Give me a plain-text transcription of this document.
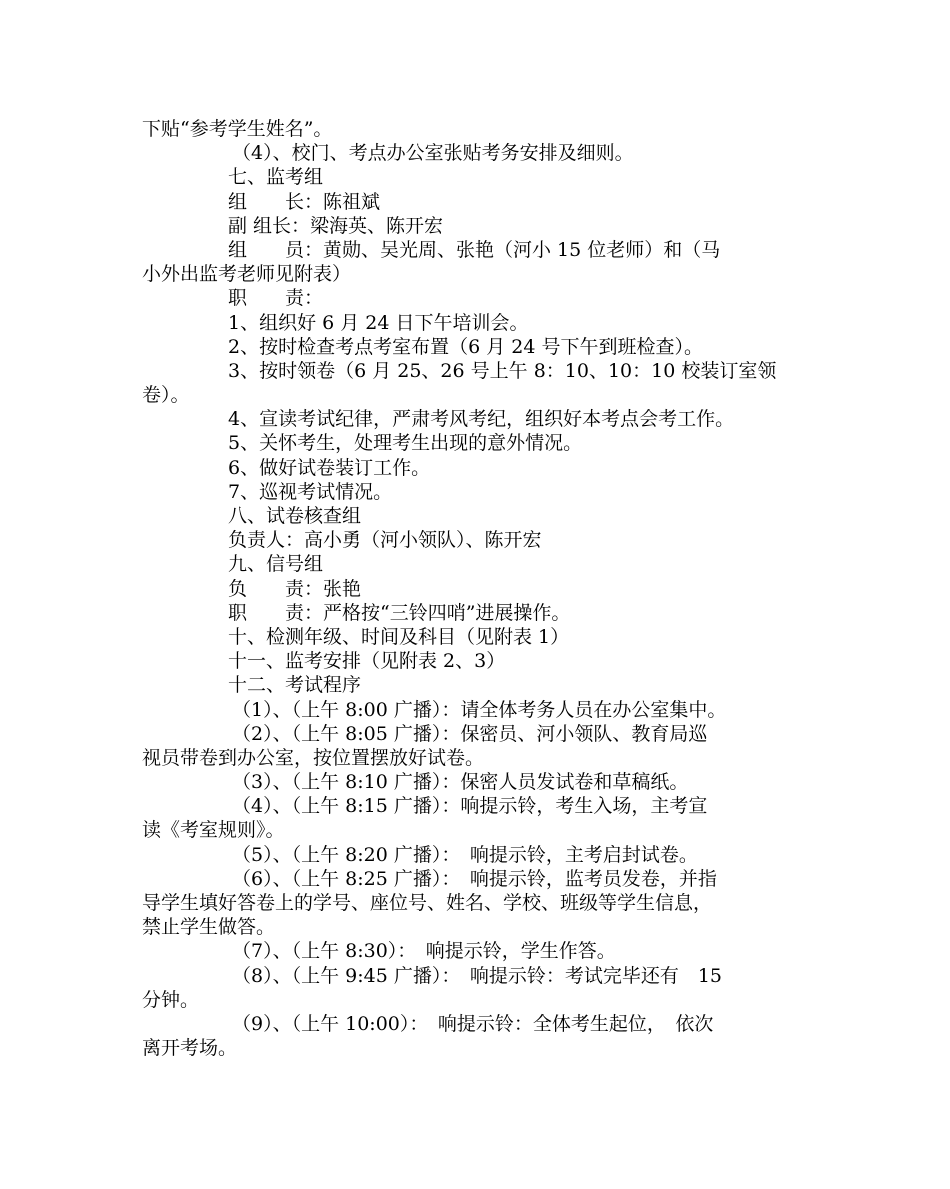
下贴“参考学生姓名”。

（4）、校门、考点办公室张贴考务安排及细则。

七、监考组

组　　长：陈祖斌

副 组长：梁海英、陈开宏

组　　员：黄勋、吴光周、张艳（河小 15 位老师）和（马

小外出监考老师见附表）

职　　责：

1、组织好 6 月 24 日下午培训会。

2、按时检查考点考室布置（6 月 24 号下午到班检查）。

3、按时领卷（6 月 25、26 号上午 8：10、10：10 校装订室领

卷）。

4、宣读考试纪律，严肃考风考纪，组织好本考点会考工作。

5、关怀考生，处理考生出现的意外情况。

6、做好试卷装订工作。

7、巡视考试情况。

八、试卷核查组

负责人：高小勇（河小领队）、陈开宏

九、信号组

负　　责：张艳

职　　责：严格按“三铃四哨”进展操作。

十、检测年级、时间及科目（见附表 1）

十一、监考安排（见附表 2、3）

十二、考试程序

（1）、（上午 8:00 广播）：请全体考务人员在办公室集中。

（2）、（上午 8:05 广播）：保密员、河小领队、教育局巡

视员带卷到办公室，按位置摆放好试卷。

（3）、（上午 8:10 广播）：保密人员发试卷和草稿纸。

（4）、（上午 8:15 广播）：响提示铃，考生入场，主考宣

读《考室规则》。

（5）、（上午 8:20 广播）：　响提示铃，主考启封试卷。

（6）、（上午 8:25 广播）：　响提示铃，监考员发卷，并指

导学生填好答卷上的学号、座位号、姓名、学校、班级等学生信息，

禁止学生做答。

（7）、（上午 8:30）：　响提示铃，学生作答。

（8）、（上午 9:45 广播）：　响提示铃：考试完毕还有　15

分钟。

（9）、（上午 10:00）：　响提示铃：全体考生起位，　依次

离开考场。
